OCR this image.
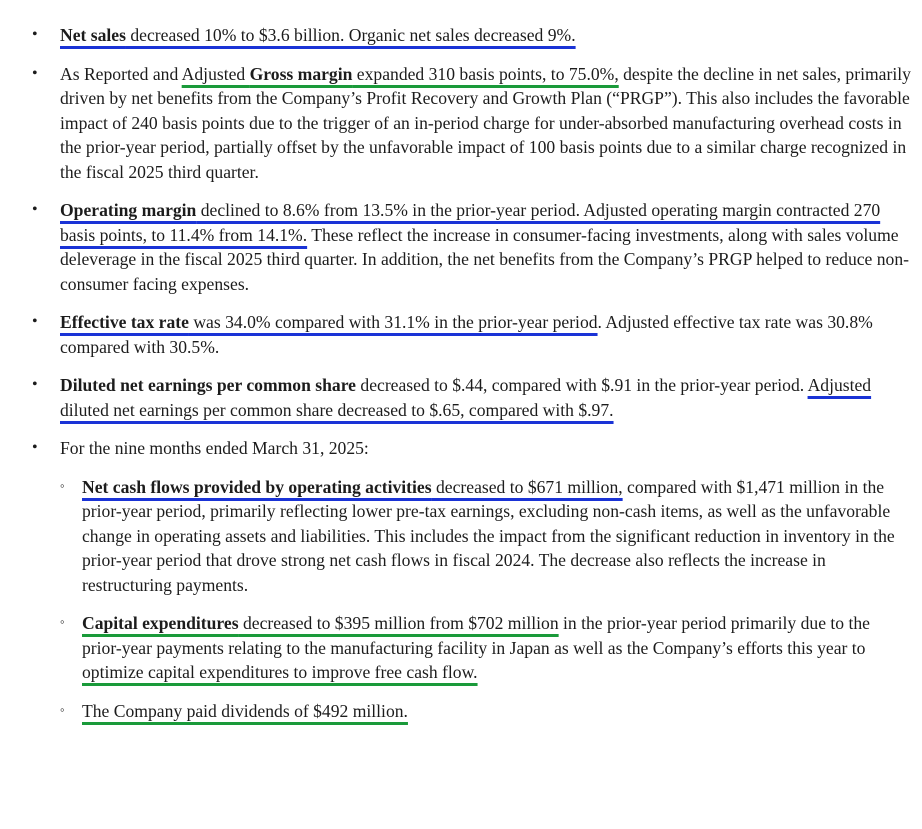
• Net sales decreased 10% to $3.6 billion. Organic net sales decreased 9%.
• As Reported and Adjusted Gross margin expanded 310 basis points, to 75.0%, despite the decline in net sales, primarily driven by net benefits from the Company’s Profit Recovery and Growth Plan (“PRGP”). This also includes the favorable impact of 240 basis points due to the trigger of an in-period charge for under-absorbed manufacturing overhead costs in the prior-year period, partially offset by the unfavorable impact of 100 basis points due to a similar charge recognized in the fiscal 2025 third quarter.
• Operating margin declined to 8.6% from 13.5% in the prior-year period. Adjusted operating margin contracted 270 basis points, to 11.4% from 14.1%. These reflect the increase in consumer-facing investments, along with sales volume deleverage in the fiscal 2025 third quarter. In addition, the net benefits from the Company’s PRGP helped to reduce non-consumer facing expenses.
• Effective tax rate was 34.0% compared with 31.1% in the prior-year period. Adjusted effective tax rate was 30.8% compared with 30.5%.
• Diluted net earnings per common share decreased to $.44, compared with $.91 in the prior-year period. Adjusted diluted net earnings per common share decreased to $.65, compared with $.97.
• For the nine months ended March 31, 2025:
◦ Net cash flows provided by operating activities decreased to $671 million, compared with $1,471 million in the prior-year period, primarily reflecting lower pre-tax earnings, excluding non-cash items, as well as the unfavorable change in operating assets and liabilities. This includes the impact from the significant reduction in inventory in the prior-year period that drove strong net cash flows in fiscal 2024. The decrease also reflects the increase in restructuring payments.
◦ Capital expenditures decreased to $395 million from $702 million in the prior-year period primarily due to the prior-year payments relating to the manufacturing facility in Japan as well as the Company’s efforts this year to optimize capital expenditures to improve free cash flow.
◦ The Company paid dividends of $492 million.
